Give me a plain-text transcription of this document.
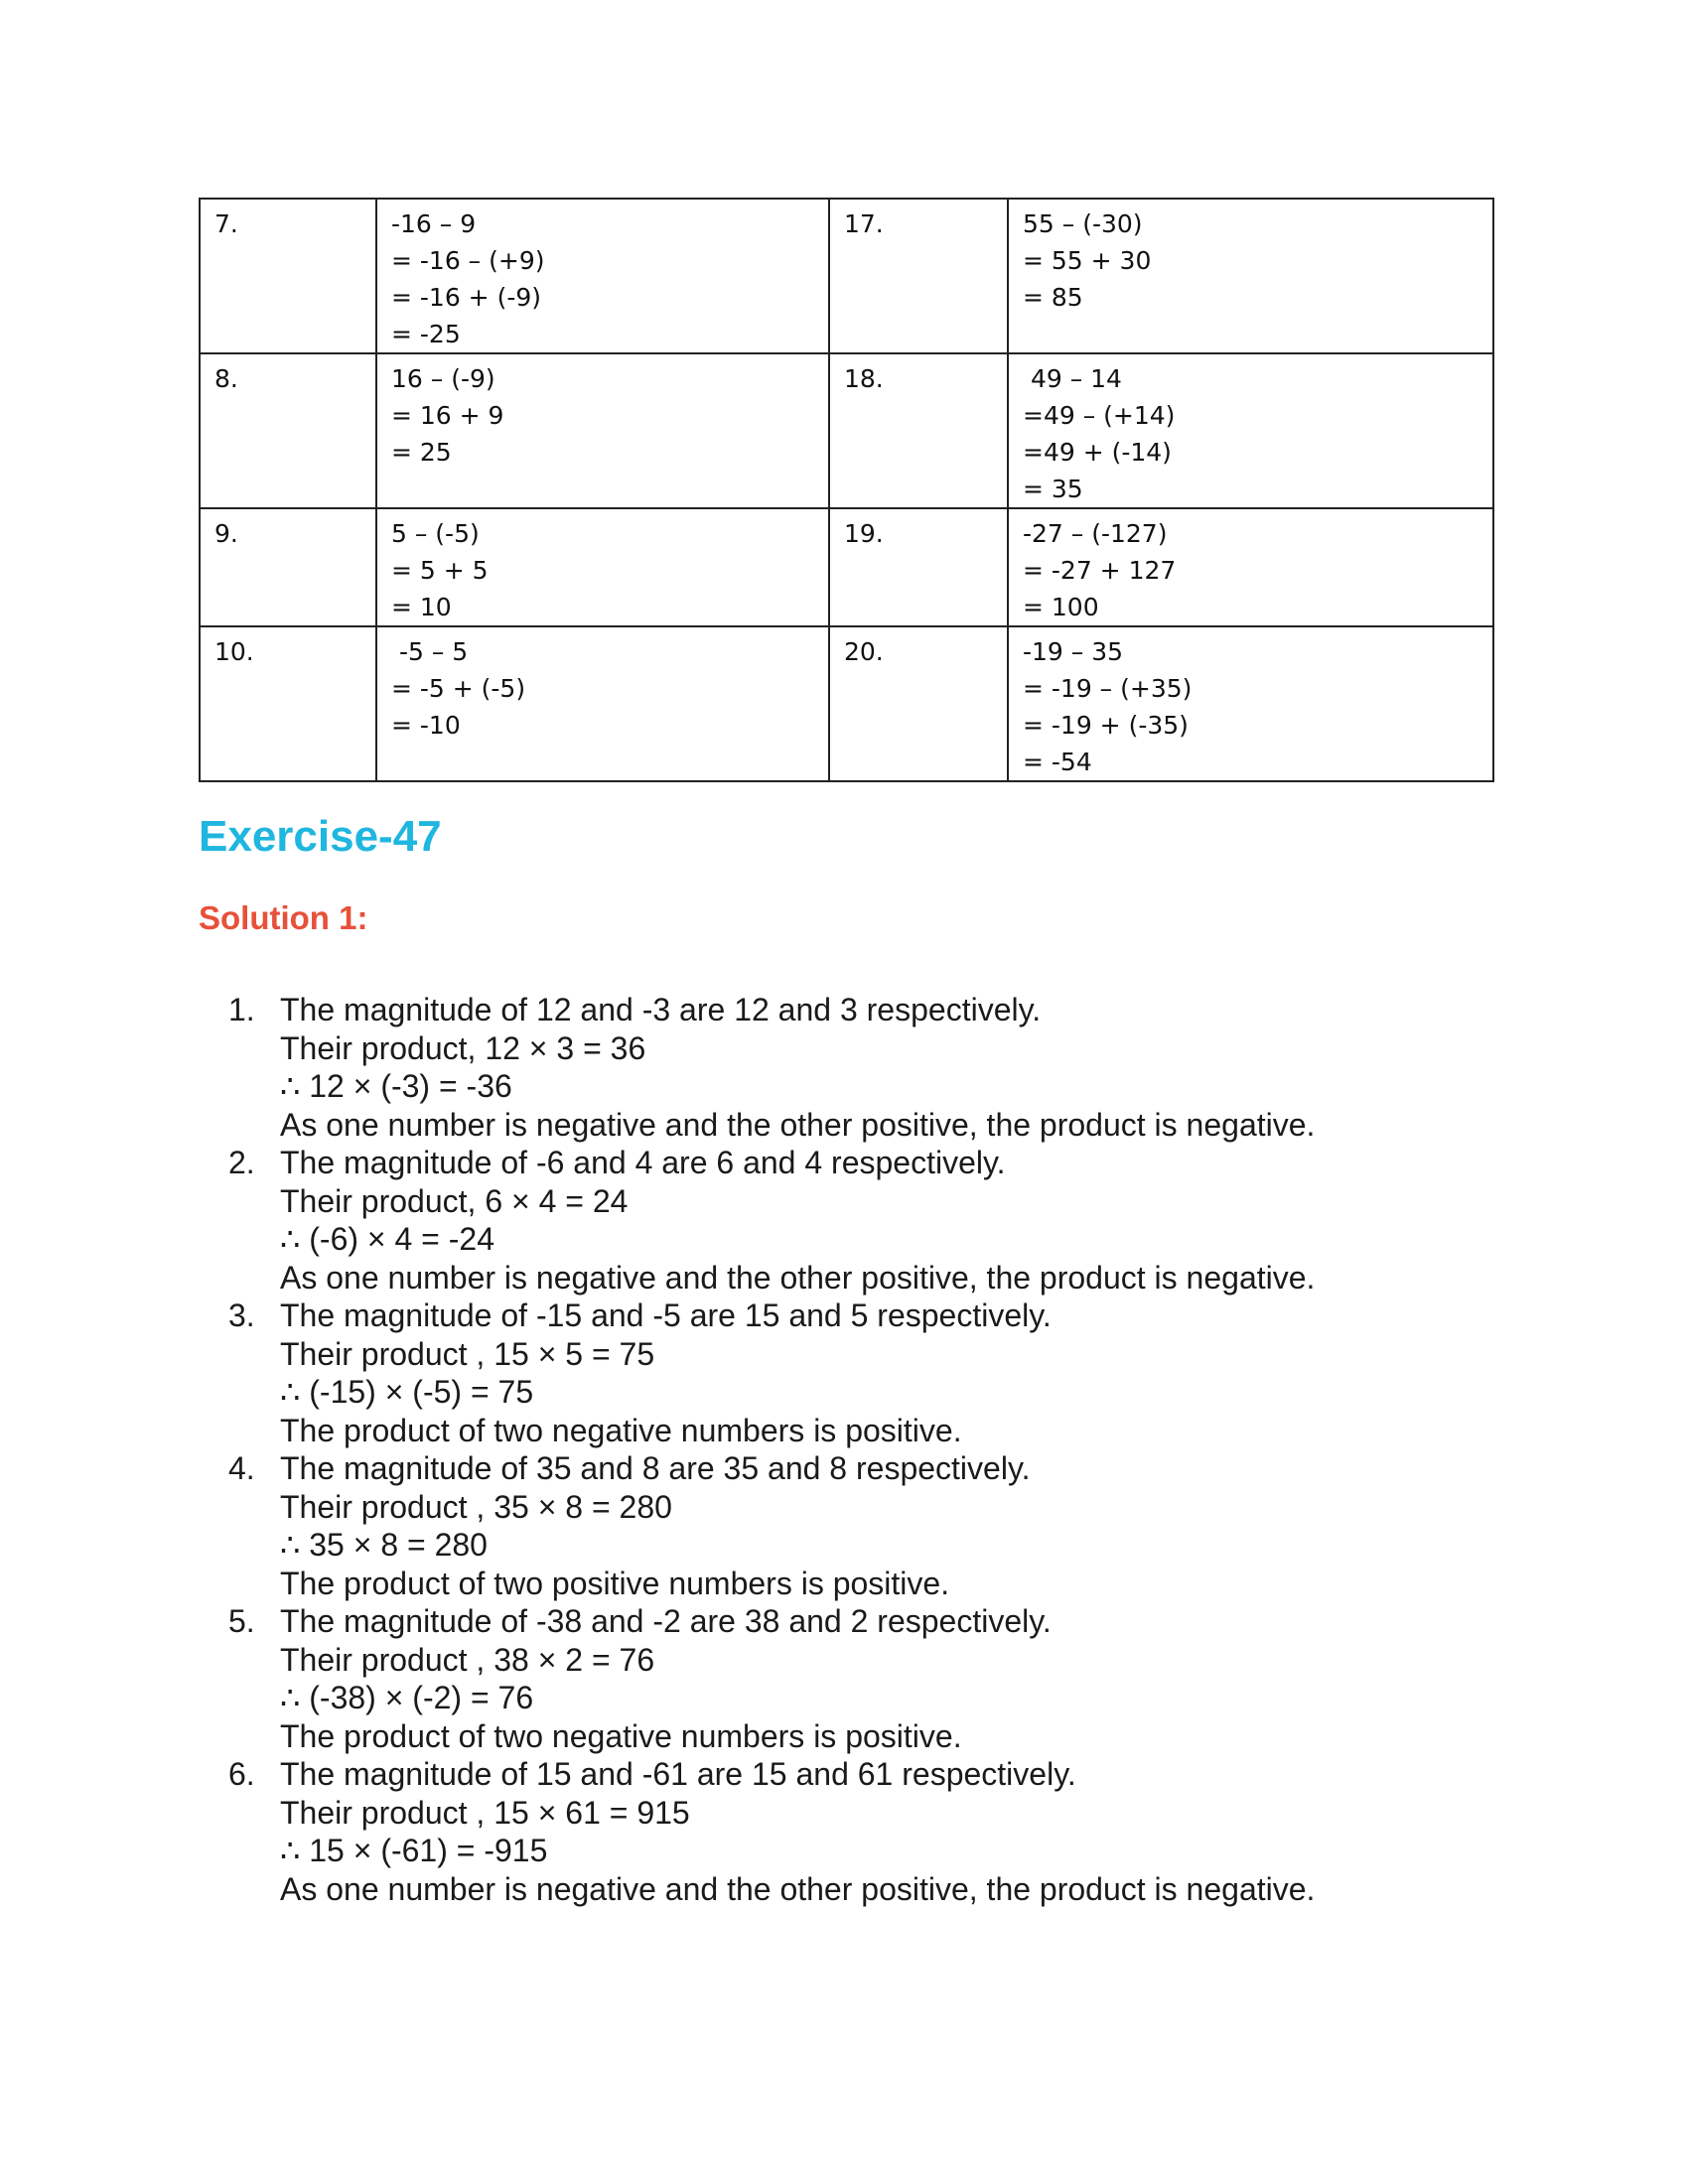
7.	-16 – 9
= -16 – (+9)
= -16 + (-9)
= -25	17.	55 – (-30)
= 55 + 30
= 85

8.	16 – (-9)
= 16 + 9
= 25	18.	49 – 14
=49 – (+14)
=49 + (-14)
= 35

9.	5 – (-5)
= 5 + 5
= 10	19.	-27 – (-127)
= -27 + 127
= 100

10.	-5 – 5
= -5 + (-5)
= -10	20.	-19 – 35
= -19 – (+35)
= -19 + (-35)
= -54
Exercise-47
Solution 1:
1. The magnitude of 12 and -3 are 12 and 3 respectively.
Their product, 12 × 3 = 36
∴ 12 × (-3) = -36
As one number is negative and the other positive, the product is negative.
2. The magnitude of -6 and 4 are 6 and 4 respectively.
Their product, 6 × 4 = 24
∴ (-6) × 4 = -24
As one number is negative and the other positive, the product is negative.
3. The magnitude of -15 and -5 are 15 and 5 respectively.
Their product , 15 × 5 = 75
∴ (-15) × (-5) = 75
The product of two negative numbers is positive.
4. The magnitude of 35 and 8 are 35 and 8 respectively.
Their product , 35 × 8 = 280
∴ 35 × 8 = 280
The product of two positive numbers is positive.
5. The magnitude of -38 and -2 are 38 and 2 respectively.
Their product , 38 × 2 = 76
∴ (-38) × (-2) = 76
The product of two negative numbers is positive.
6. The magnitude of 15 and -61 are 15 and 61 respectively.
Their product , 15 × 61 = 915
∴ 15 × (-61) = -915
As one number is negative and the other positive, the product is negative.
